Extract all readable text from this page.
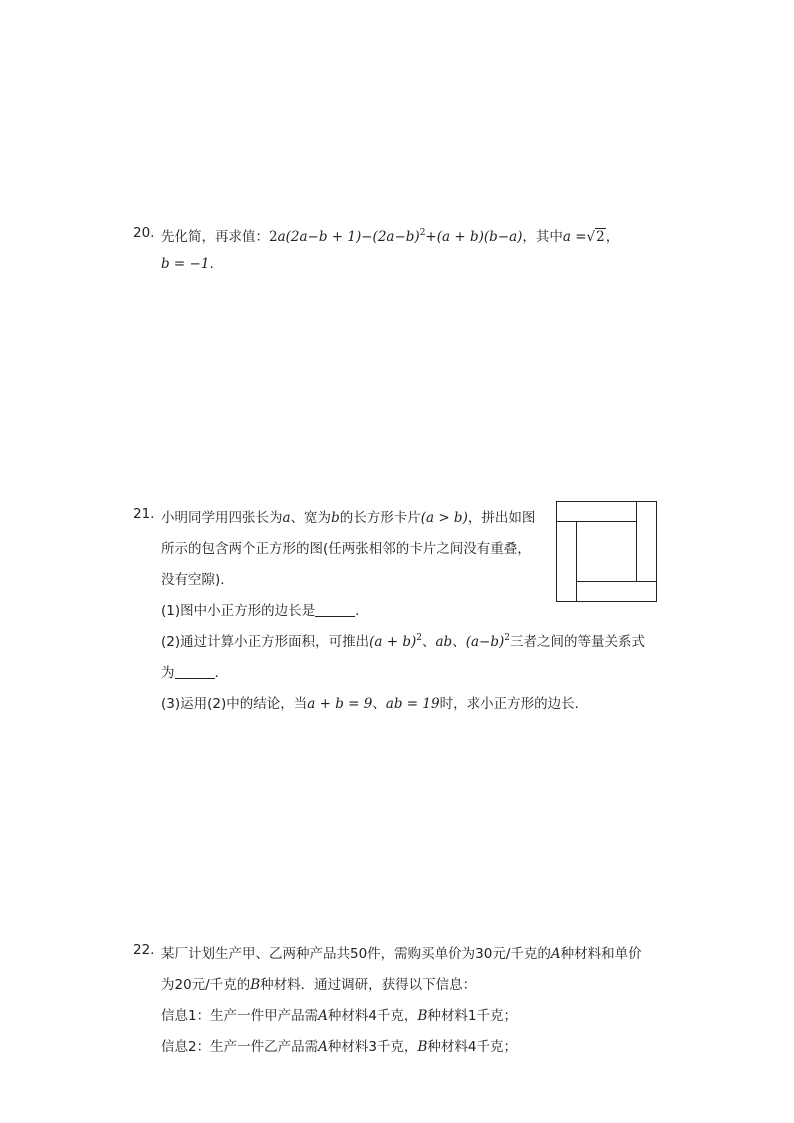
20. 先化简，再求值：$2a(2a-b + 1)-(2a-b)^2+(a + b)(b-a)$，其中a =√2，
b = −1.
21. 小明同学用四张长为a、宽为b的长方形卡片(a > b)，拼出如图
所示的包含两个正方形的图(任两张相邻的卡片之间没有重叠，
没有空隙).
(1)图中小正方形的边长是	.
(2)通过计算小正方形面积，可推出$(a + b)^2$、ab、$(a-b)^2$三者之间的等量关系式
为	.
(3)运用(2)中的结论，当a + b = 9、ab = 19时，求小正方形的边长.
22. 某厂计划生产甲、乙两种产品共50件，需购买单价为30元/千克的A种材料和单价
为20元/千克的B种材料．通过调研，获得以下信息：
信息1：生产一件甲产品需A种材料4千克，B种材料1千克；
信息2：生产一件乙产品需A种材料3千克，B种材料4千克；
